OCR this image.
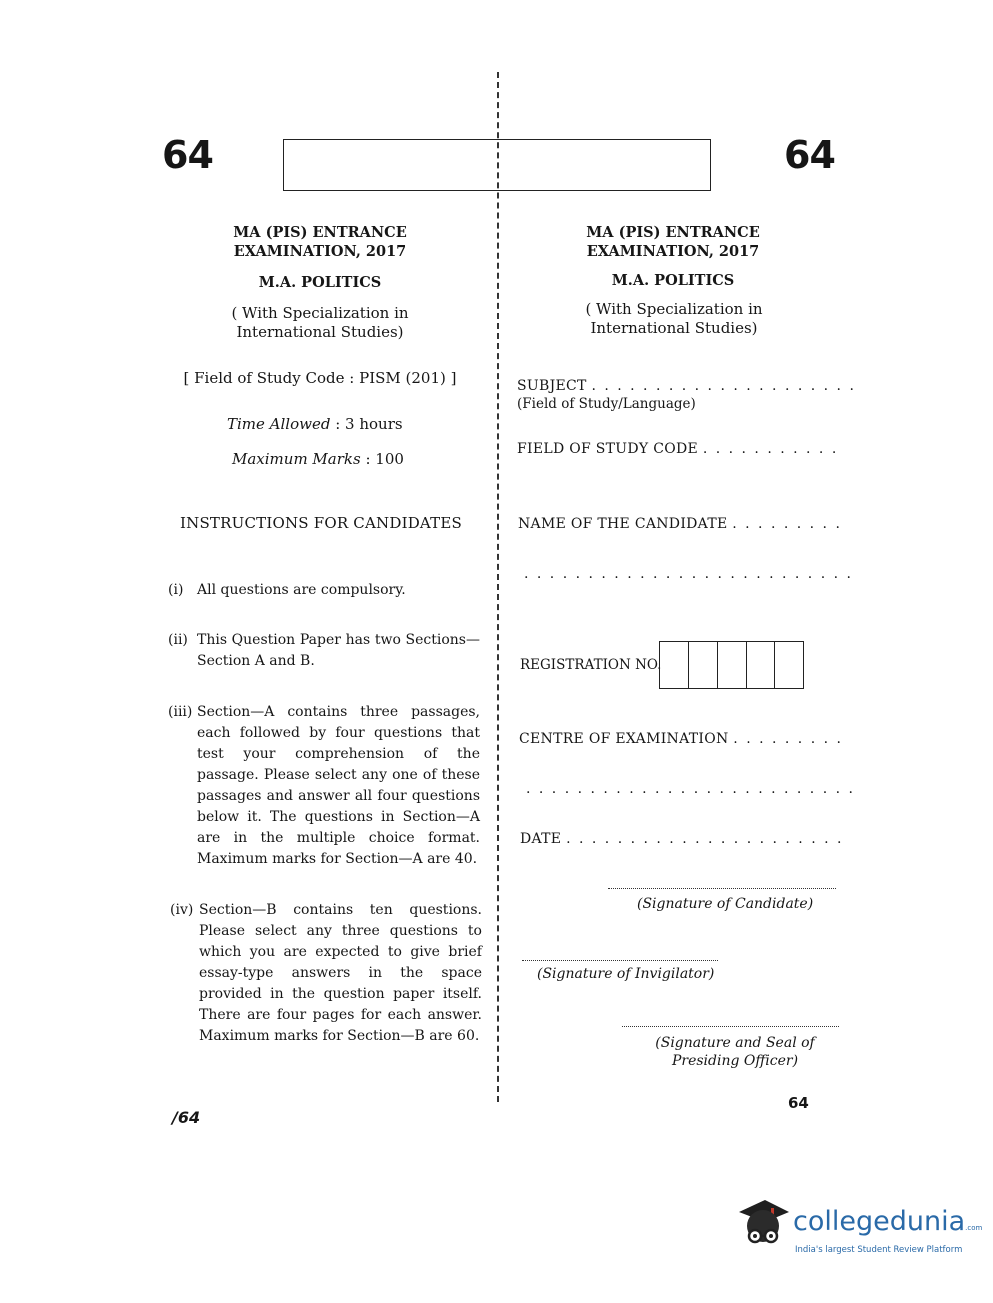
64	64
MA (PIS) ENTRANCE
EXAMINATION, 2017
M.A. POLITICS
( With Specialization in
International Studies)
[ Field of Study Code : PISM (201) ]
Time Allowed : 3 hours
Maximum Marks : 100
INSTRUCTIONS FOR CANDIDATES
(i) All questions are compulsory.
(ii) This Question Paper has two Sections—Section A and B.
(iii) Section—A contains three passages, each followed by four questions that test your comprehension of the passage. Please select any one of these passages and answer all four questions below it. The questions in Section—A are in the multiple choice format. Maximum marks for Section—A are 40.
(iv) Section—B contains ten questions. Please select any three questions to which you are expected to give brief essay-type answers in the space provided in the question paper itself. There are four pages for each answer. Maximum marks for Section—B are 60.
/64
MA (PIS) ENTRANCE
EXAMINATION, 2017
M.A. POLITICS
( With Specialization in
International Studies)
SUBJECT . . . . . . . . . . . . . . . . . . . . .
(Field of Study/Language)
FIELD OF STUDY CODE . . . . . . . . . . .
NAME OF THE CANDIDATE . . . . . . . . .
. . . . . . . . . . . . . . . . . . . . . . . . . .
REGISTRATION NO.
CENTRE OF EXAMINATION . . . . . . . . .
. . . . . . . . . . . . . . . . . . . . . . . . . .
DATE . . . . . . . . . . . . . . . . . . . . . .
(Signature of Candidate)
(Signature of Invigilator)
(Signature and Seal of
Presiding Officer)
64
collegedunia.com
India's largest Student Review Platform
